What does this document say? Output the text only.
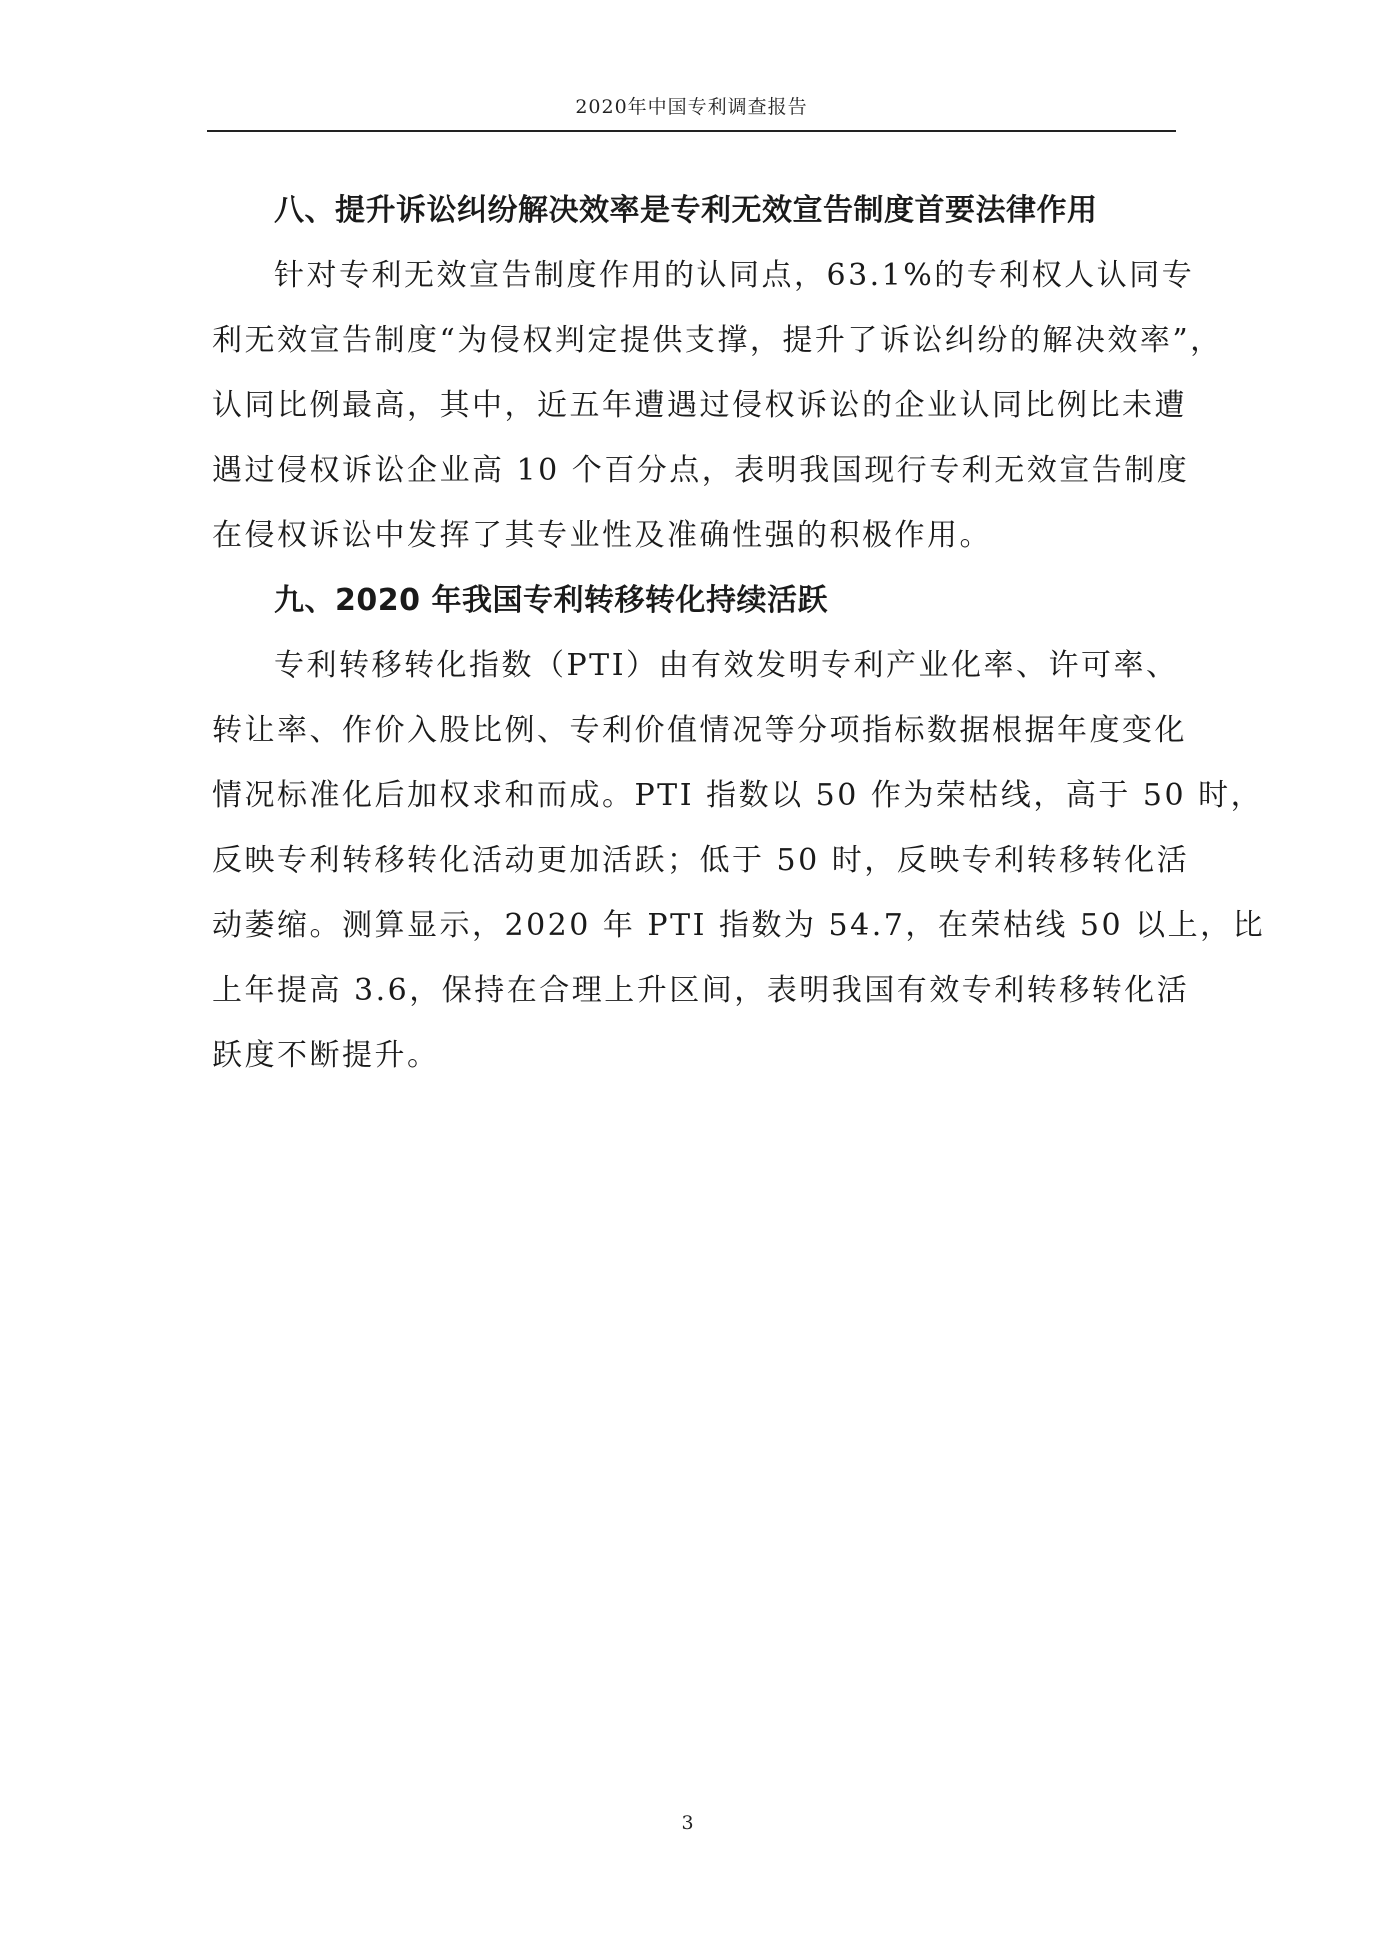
2020年中国专利调查报告
八、提升诉讼纠纷解决效率是专利无效宣告制度首要法律作用
针对专利无效宣告制度作用的认同点，63.1%的专利权人认同专
利无效宣告制度“为侵权判定提供支撑，提升了诉讼纠纷的解决效率”，
认同比例最高，其中，近五年遭遇过侵权诉讼的企业认同比例比未遭
遇过侵权诉讼企业高 10 个百分点，表明我国现行专利无效宣告制度
在侵权诉讼中发挥了其专业性及准确性强的积极作用。
九、2020 年我国专利转移转化持续活跃
专利转移转化指数（PTI）由有效发明专利产业化率、许可率、
转让率、作价入股比例、专利价值情况等分项指标数据根据年度变化
情况标准化后加权求和而成。PTI 指数以 50 作为荣枯线，高于 50 时，
反映专利转移转化活动更加活跃；低于 50 时，反映专利转移转化活
动萎缩。测算显示，2020 年 PTI 指数为 54.7，在荣枯线 50 以上，比
上年提高 3.6，保持在合理上升区间，表明我国有效专利转移转化活
跃度不断提升。
3
